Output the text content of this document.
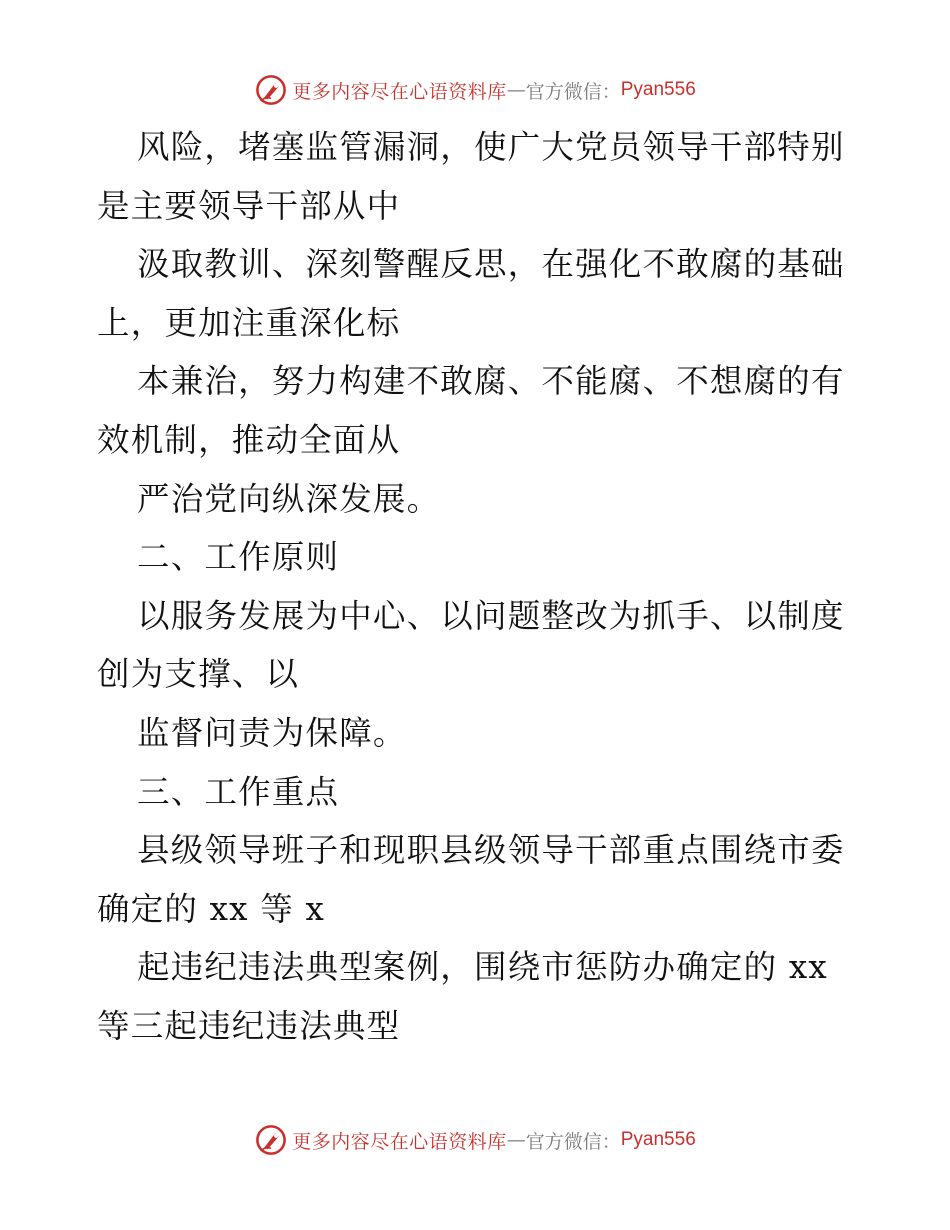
更多内容尽在心语资料库 — 官方微信： Pyan556
风险，堵塞监管漏洞，使广大党员领导干部特别
是主要领导干部从中
汲取教训、深刻警醒反思，在强化不敢腐的基础
上，更加注重深化标
本兼治，努力构建不敢腐、不能腐、不想腐的有
效机制，推动全面从
严治党向纵深发展。
二、工作原则
以服务发展为中心、以问题整改为抓手、以制度
创为支撑、以
监督问责为保障。
三、工作重点
县级领导班子和现职县级领导干部重点围绕市委
确定的 xx 等 x
起违纪违法典型案例，围绕市惩防办确定的 xx
等三起违纪违法典型
更多内容尽在心语资料库 — 官方微信： Pyan556
